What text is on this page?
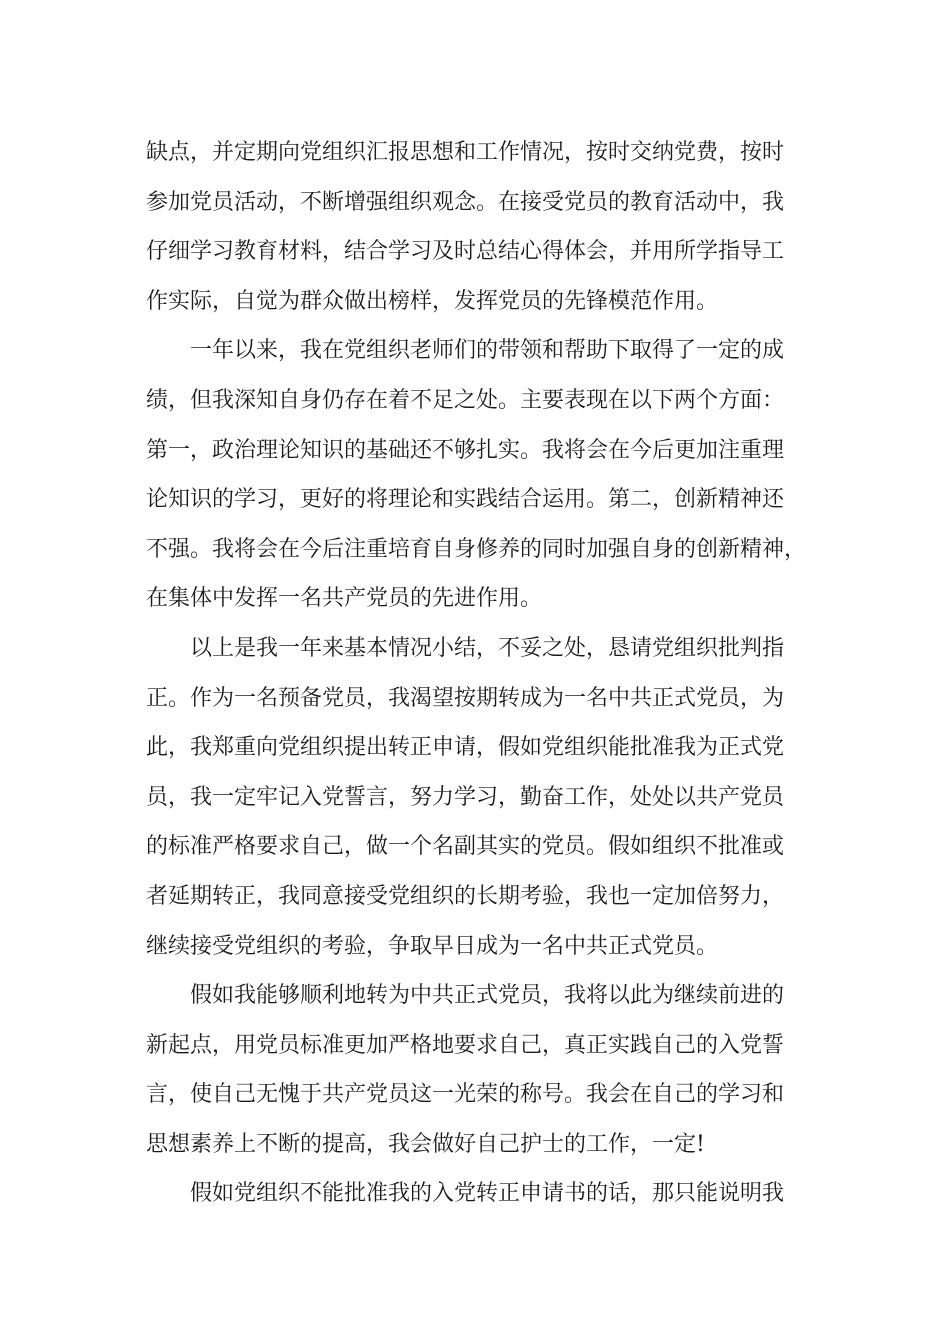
缺点，并定期向党组织汇报思想和工作情况，按时交纳党费，按时
参加党员活动，不断增强组织观念。在接受党员的教育活动中，我
仔细学习教育材料，结合学习及时总结心得体会，并用所学指导工
作实际，自觉为群众做出榜样，发挥党员的先锋模范作用。

　　一年以来，我在党组织老师们的带领和帮助下取得了一定的成
绩，但我深知自身仍存在着不足之处。主要表现在以下两个方面：
第一，政治理论知识的基础还不够扎实。我将会在今后更加注重理
论知识的学习，更好的将理论和实践结合运用。第二，创新精神还
不强。我将会在今后注重培育自身修养的同时加强自身的创新精神，
在集体中发挥一名共产党员的先进作用。

　　以上是我一年来基本情况小结，不妥之处，恳请党组织批判指
正。作为一名预备党员，我渴望按期转成为一名中共正式党员，为
此，我郑重向党组织提出转正申请，假如党组织能批准我为正式党
员，我一定牢记入党誓言，努力学习，勤奋工作，处处以共产党员
的标准严格要求自己，做一个名副其实的党员。假如组织不批准或
者延期转正，我同意接受党组织的长期考验，我也一定加倍努力，
继续接受党组织的考验，争取早日成为一名中共正式党员。

　　假如我能够顺利地转为中共正式党员，我将以此为继续前进的
新起点，用党员标准更加严格地要求自己，真正实践自己的入党誓
言，使自己无愧于共产党员这一光荣的称号。我会在自己的学习和
思想素养上不断的提高，我会做好自己护士的工作，一定!

　　假如党组织不能批准我的入党转正申请书的话，那只能说明我
